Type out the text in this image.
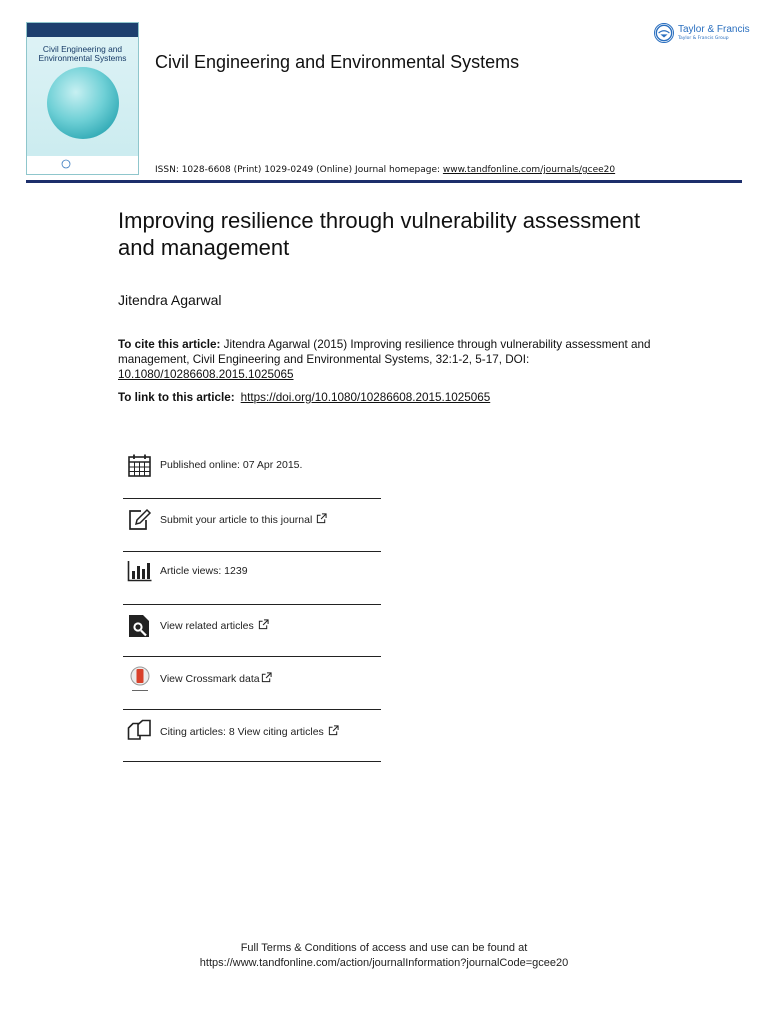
Civil Engineering and Environmental Systems	Civil Engineering and Environmental Systems
Taylor & Francis
Taylor & Francis Group
ISSN: 1028-6608 (Print) 1029-0249 (Online) Journal homepage: www.tandfonline.com/journals/gcee20
Improving resilience through vulnerability assessment and management
Jitendra Agarwal
To cite this article: Jitendra Agarwal (2015) Improving resilience through vulnerability assessment and management, Civil Engineering and Environmental Systems, 32:1-2, 5-17, DOI: 10.1080/10286608.2015.1025065
To link to this article: https://doi.org/10.1080/10286608.2015.1025065
Published online: 07 Apr 2015.
Submit your article to this journal
Article views: 1239
View related articles
View Crossmark data
Citing articles: 8 View citing articles
Full Terms & Conditions of access and use can be found at
https://www.tandfonline.com/action/journalInformation?journalCode=gcee20
